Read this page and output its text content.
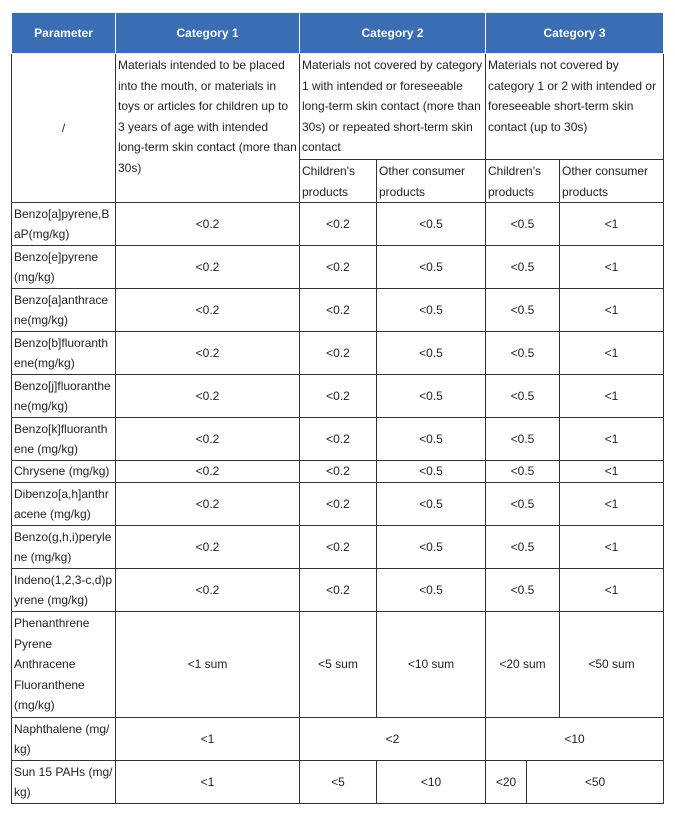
Parameter	Category 1	Category 2		Category 3		
/	Materials intended to be placed into the mouth, or materials in toys or articles for children up to 3 years of age with intended long-term skin contact (more than 30s)	Materials not covered by category 1 with intended or foreseeable long-term skin contact (more than 30s) or repeated short-term skin contact		Materials not covered by category 1 or 2 with intended or foreseeable short-term skin contact (up to 30s)		
		Children's products	Other consumer products	Children's products		Other consumer products
Benzo[a]pyrene,BaP(mg/kg)	<0.2	<0.2	<0.5	<0.5		<1
Benzo[e]pyrene (mg/kg)	<0.2	<0.2	<0.5	<0.5		<1
Benzo[a]anthracene(mg/kg)	<0.2	<0.2	<0.5	<0.5		<1
Benzo[b]fluoranthene(mg/kg)	<0.2	<0.2	<0.5	<0.5		<1
Benzo[j]fluoranthene(mg/kg)	<0.2	<0.2	<0.5	<0.5		<1
Benzo[k]fluoranthene (mg/kg)	<0.2	<0.2	<0.5	<0.5		<1
Chrysene (mg/kg)	<0.2	<0.2	<0.5	<0.5		<1
Dibenzo[a,h]anthracene (mg/kg)	<0.2	<0.2	<0.5	<0.5		<1
Benzo(g,h,i)perylene (mg/kg)	<0.2	<0.2	<0.5	<0.5		<1
Indeno(1,2,3-c,d)pyrene (mg/kg)	<0.2	<0.2	<0.5	<0.5		<1

Phenanthrene
Pyrene
Anthracene
Fluoranthene
(mg/kg)	<1 sum	<5 sum	<10 sum	<20 sum		<50 sum
Naphthalene (mg/kg)	<1	<2		<10		
Sun 15 PAHs (mg/kg)	<1	<5	<10	<20	<50	
